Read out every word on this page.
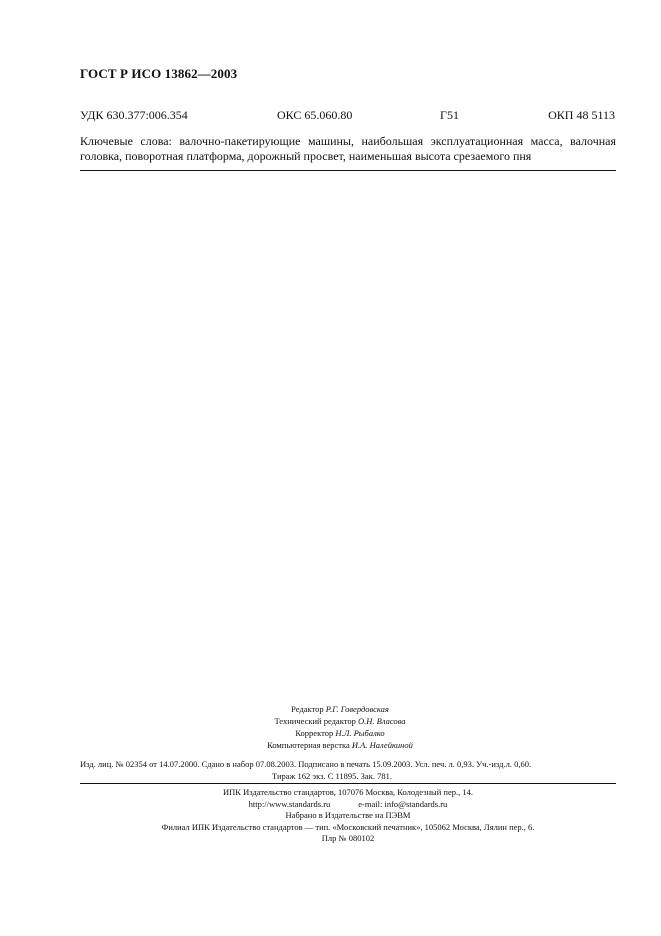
ГОСТ Р ИСО 13862—2003
УДК 630.377:006.354	ОКС 65.060.80	Г51	ОКП 48 5113
Ключевые слова: валочно-пакетирующие машины, наибольшая эксплуатационная масса, валочная головка, поворотная платформа, дорожный просвет, наименьшая высота срезаемого пня
Редактор Р.Г. Говердовская
Технический редактор О.Н. Власова
Корректор Н.Л. Рыбалко
Компьютерная верстка И.А. Налейкиной
Изд. лиц. № 02354 от 14.07.2000. Сдано в набор 07.08.2003. Подписано в печать 15.09.2003. Усл. печ. л. 0,93. Уч.-изд.л. 0,60.
Тираж 162 экз. С 11895. Зак. 781.
ИПК Издательство стандартов, 107076 Москва, Колодезный пер., 14.
http://www.standards.ru	e-mail: info@standards.ru
Набрано в Издательстве на ПЭВМ
Филиал ИПК Издательство стандартов — тип. «Московский печатник», 105062 Москва, Лялин пер., 6.
Плр № 080102
